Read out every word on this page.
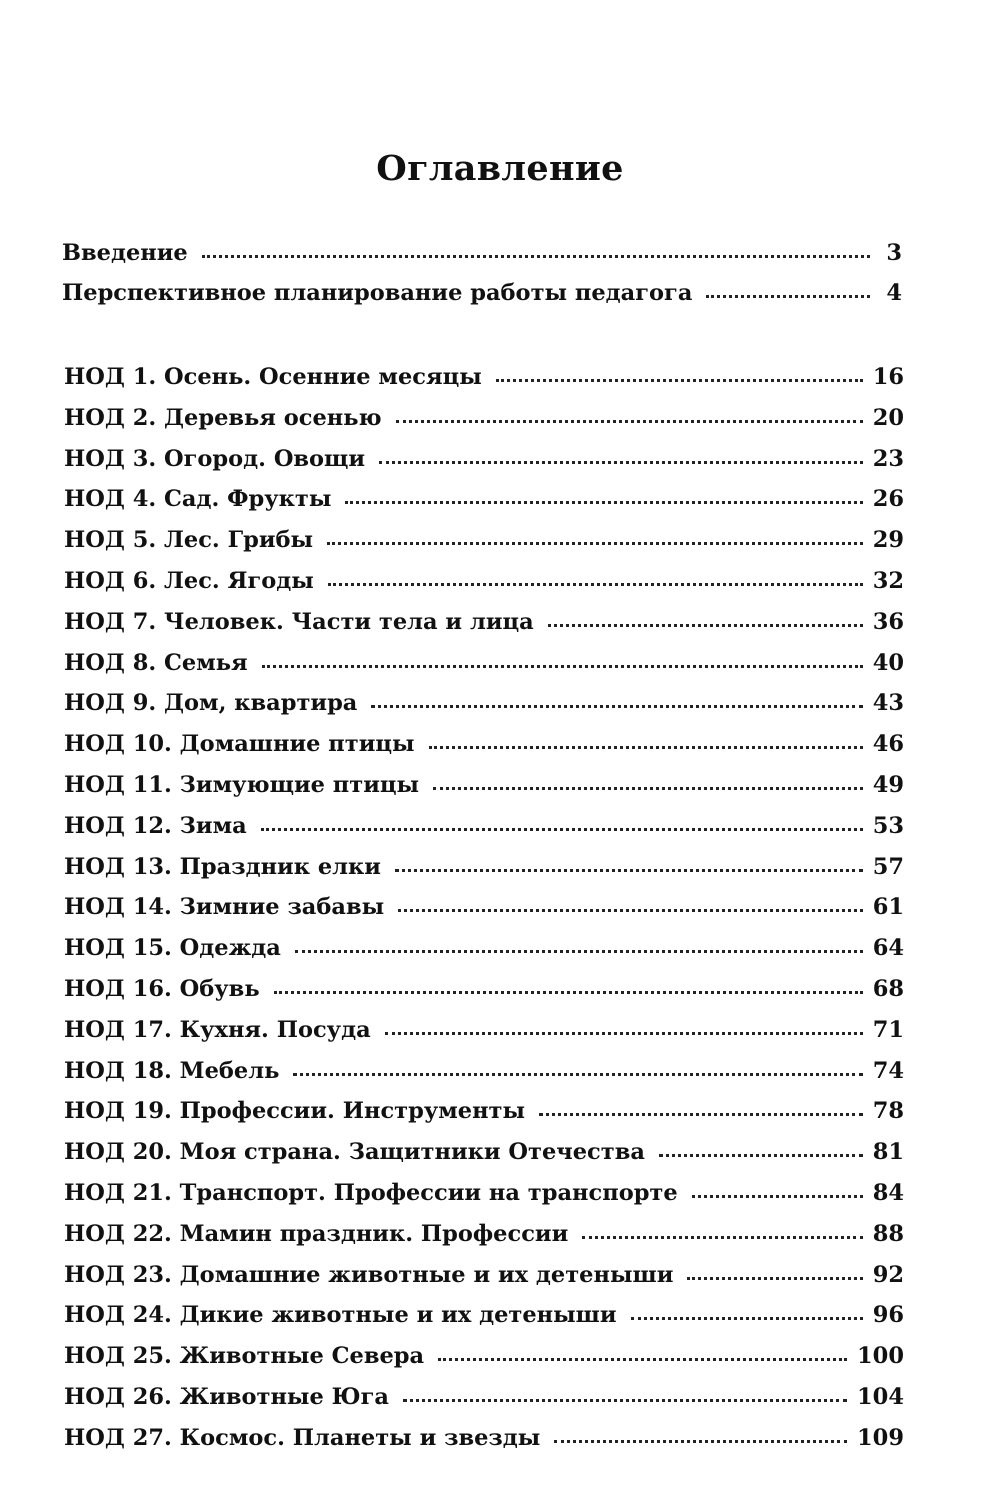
Оглавление
Введение	3
Перспективное планирование работы педагога	4
НОД 1. Осень. Осенние месяцы	16
НОД 2. Деревья осенью	20
НОД 3. Огород. Овощи	23
НОД 4. Сад. Фрукты	26
НОД 5. Лес. Грибы	29
НОД 6. Лес. Ягоды	32
НОД 7. Человек. Части тела и лица	36
НОД 8. Семья	40
НОД 9. Дом, квартира	43
НОД 10. Домашние птицы	46
НОД 11. Зимующие птицы	49
НОД 12. Зима	53
НОД 13. Праздник елки	57
НОД 14. Зимние забавы	61
НОД 15. Одежда	64
НОД 16. Обувь	68
НОД 17. Кухня. Посуда	71
НОД 18. Мебель	74
НОД 19. Профессии. Инструменты	78
НОД 20. Моя страна. Защитники Отечества	81
НОД 21. Транспорт. Профессии на транспорте	84
НОД 22. Мамин праздник. Профессии	88
НОД 23. Домашние животные и их детеныши	92
НОД 24. Дикие животные и их детеныши	96
НОД 25. Животные Севера	100
НОД 26. Животные Юга	104
НОД 27. Космос. Планеты и звезды	109
